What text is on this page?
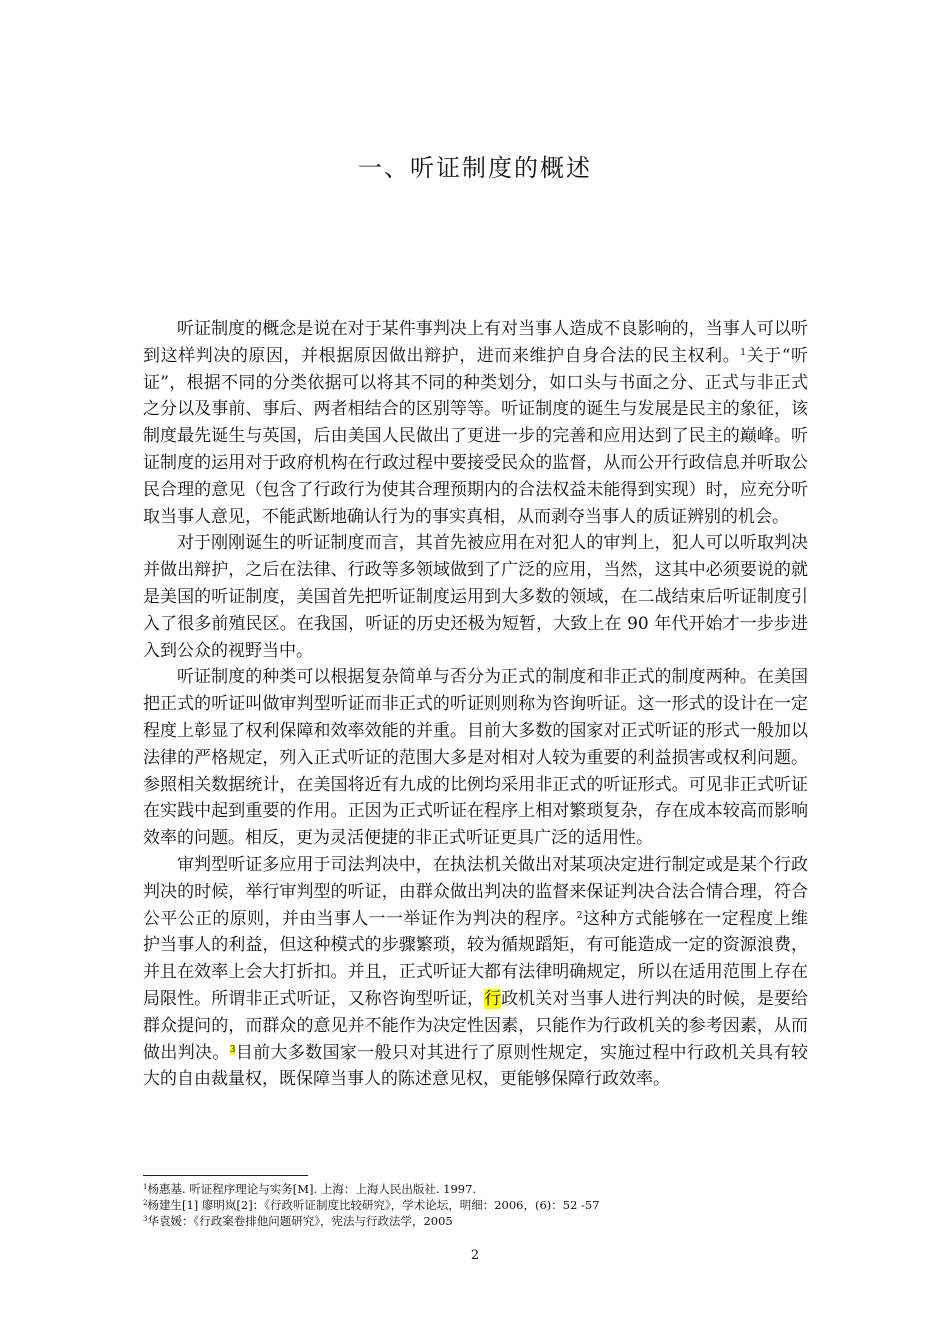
一、听证制度的概述

听证制度的概念是说在对于某件事判决上有对当事人造成不良影响的，当事人可以听到这样判决的原因，并根据原因做出辩护，进而来维护自身合法的民主权利。$^1$关于“听证”，根据不同的分类依据可以将其不同的种类划分，如口头与书面之分、正式与非正式之分以及事前、事后、两者相结合的区别等等。听证制度的诞生与发展是民主的象征，该制度最先诞生与英国，后由美国人民做出了更进一步的完善和应用达到了民主的巅峰。听证制度的运用对于政府机构在行政过程中要接受民众的监督，从而公开行政信息并听取公民合理的意见（包含了行政行为使其合理预期内的合法权益未能得到实现）时，应充分听取当事人意见，不能武断地确认行为的事实真相，从而剥夺当事人的质证辨别的机会。

对于刚刚诞生的听证制度而言，其首先被应用在对犯人的审判上，犯人可以听取判决并做出辩护，之后在法律、行政等多领域做到了广泛的应用，当然，这其中必须要说的就是美国的听证制度，美国首先把听证制度运用到大多数的领域，在二战结束后听证制度引入了很多前殖民区。在我国，听证的历史还极为短暂，大致上在 90 年代开始才一步步进入到公众的视野当中。

听证制度的种类可以根据复杂简单与否分为正式的制度和非正式的制度两种。在美国把正式的听证叫做审判型听证而非正式的听证则则称为咨询听证。这一形式的设计在一定程度上彰显了权利保障和效率效能的并重。目前大多数的国家对正式听证的形式一般加以法律的严格规定，列入正式听证的范围大多是对相对人较为重要的利益损害或权利问题。参照相关数据统计，在美国将近有九成的比例均采用非正式的听证形式。可见非正式听证在实践中起到重要的作用。正因为正式听证在程序上相对繁琐复杂，存在成本较高而影响效率的问题。相反，更为灵活便捷的非正式听证更具广泛的适用性。

审判型听证多应用于司法判决中，在执法机关做出对某项决定进行制定或是某个行政判决的时候，举行审判型的听证，由群众做出判决的监督来保证判决合法合情合理，符合公平公正的原则，并由当事人一一举证作为判决的程序。$^2$这种方式能够在一定程度上维护当事人的利益，但这种模式的步骤繁琐，较为循规蹈矩，有可能造成一定的资源浪费，并且在效率上会大打折扣。并且，正式听证大都有法律明确规定，所以在适用范围上存在局限性。所谓非正式听证，又称咨询型听证，行政机关对当事人进行判决的时候，是要给群众提问的，而群众的意见并不能作为决定性因素，只能作为行政机关的参考因素，从而做出判决。$^3$目前大多数国家一般只对其进行了原则性规定，实施过程中行政机关具有较大的自由裁量权，既保障当事人的陈述意见权，更能够保障行政效率。

$^1$杨惠基. 听证程序理论与实务[M]. 上海：上海人民出版社. 1997.
$^2$杨建生[1] 廖明岚[2]：《行政听证制度比较研究》，学术论坛，明细：2006，(6)：52 -57
$^3$华袁媛：《行政案卷排他问题研究》，宪法与行政法学，2005
2
